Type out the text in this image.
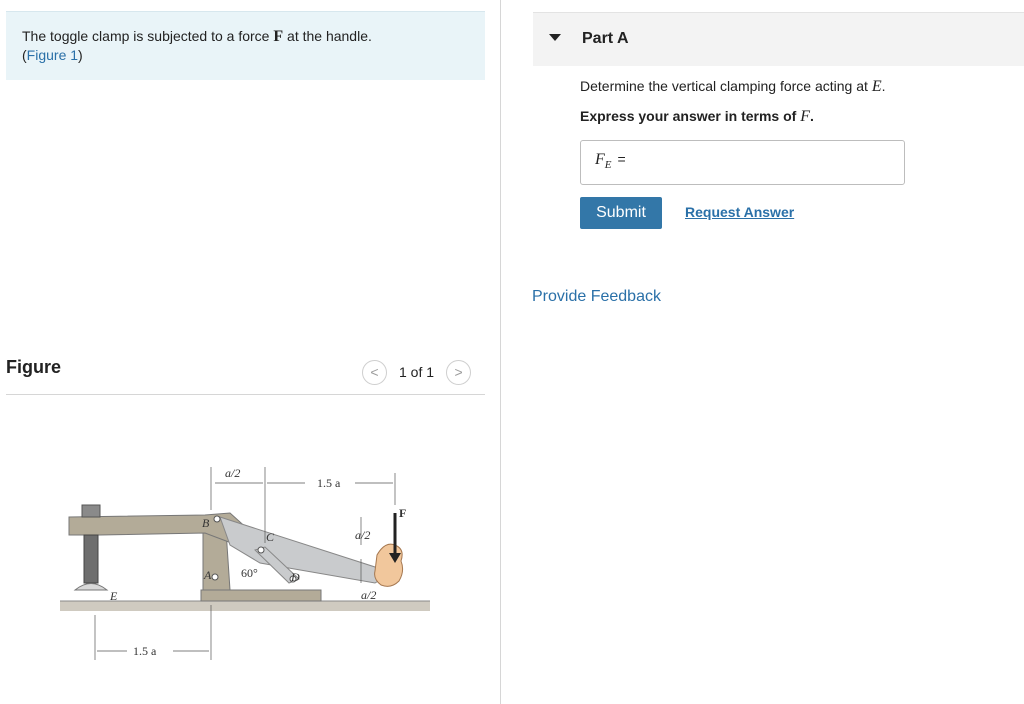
The toggle clamp is subjected to a force F at the handle.
(Figure 1)
Figure	< 1 of 1 >
F
a/2
1.5 a
a/2
a/2
1.5 a
A
B
C
D
E
60°
Part A
Determine the vertical clamping force acting at E.
Express your answer in terms of F.
$F_E$ =
Submit	Request Answer
Provide Feedback
